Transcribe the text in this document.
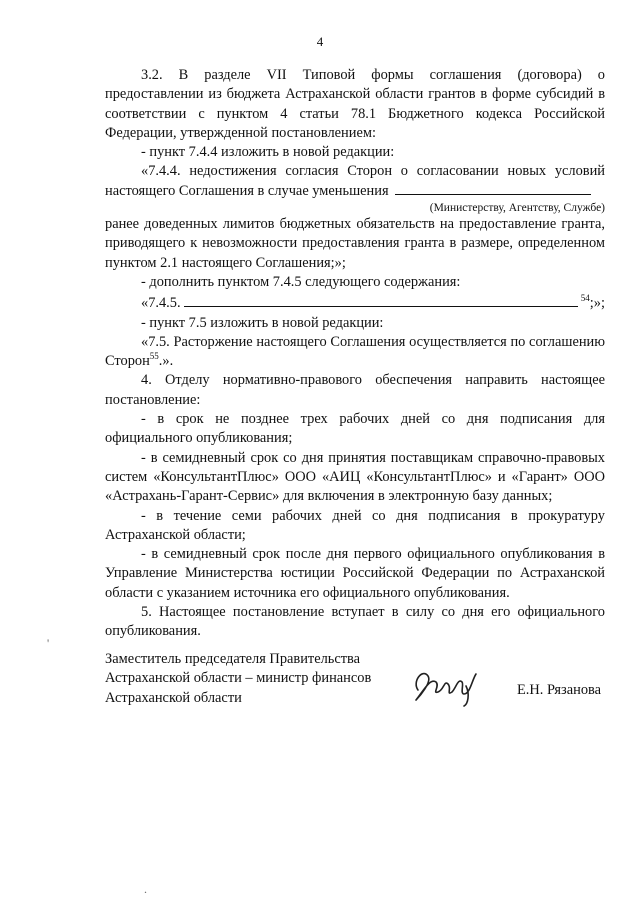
4

3.2. В разделе VII Типовой формы соглашения (договора) о предоставлении из бюджета Астраханской области грантов в форме субсидий в соответствии с пунктом 4 статьи 78.1 Бюджетного кодекса Российской Федерации, утвержденной постановлением:

- пункт 7.4.4 изложить в новой редакции:

«7.4.4. недостижения согласия Сторон о согласовании новых условий настоящего Соглашения в случае уменьшения

(Министерству, Агентству, Службе)

ранее доведенных лимитов бюджетных обязательств на предоставление гранта, приводящего к невозможности предоставления гранта в размере, определенном пунктом 2.1 настоящего Соглашения;»;

- дополнить пунктом 7.4.5 следующего содержания:

«7.4.5.	$^{54}$;»;

- пункт 7.5 изложить в новой редакции:

«7.5. Расторжение настоящего Соглашения осуществляется по соглашению Сторон$^{55}$.».

4. Отделу нормативно-правового обеспечения направить настоящее постановление:

- в срок не позднее трех рабочих дней со дня подписания для официального опубликования;

- в семидневный срок со дня принятия поставщикам справочно-правовых систем «КонсультантПлюс» ООО «АИЦ «КонсультантПлюс» и «Гарант» ООО «Астрахань-Гарант-Сервис» для включения в электронную базу данных;

- в течение семи рабочих дней со дня подписания в прокуратуру Астраханской области;

- в семидневный срок после дня первого официального опубликования в Управление Министерства юстиции Российской Федерации по Астраханской области с указанием источника его официального опубликования.

5. Настоящее постановление вступает в силу со дня его официального опубликования.

Заместитель председателя Правительства
Астраханской области – министр финансов
Астраханской области	Е.Н. Рязанова
'
.
